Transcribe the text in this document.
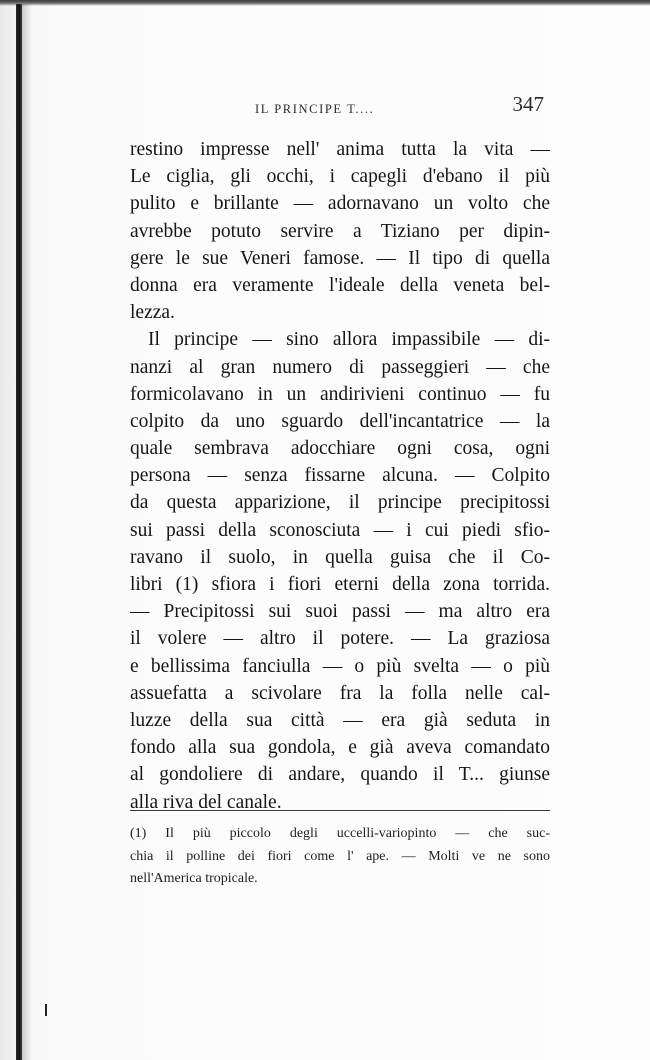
IL PRINCIPE T....	347
restino impresse nell' anima tutta la vita —
Le ciglia, gli occhi, i capegli d'ebano il più
pulito e brillante — adornavano un volto che
avrebbe potuto servire a Tiziano per dipin-
gere le sue Veneri famose. — Il tipo di quella
donna era veramente l'ideale della veneta bel-
lezza.
Il principe — sino allora impassibile — di-
nanzi al gran numero di passeggieri — che
formicolavano in un andirivieni continuo — fu
colpito da uno sguardo dell'incantatrice — la
quale sembrava adocchiare ogni cosa, ogni
persona — senza fissarne alcuna. — Colpito
da questa apparizione, il principe precipitossi
sui passi della sconosciuta — i cui piedi sfio-
ravano il suolo, in quella guisa che il Co-
libri (1) sfiora i fiori eterni della zona torrida.
— Precipitossi sui suoi passi — ma altro era
il volere — altro il potere. — La graziosa
e bellissima fanciulla — o più svelta — o più
assuefatta a scivolare fra la folla nelle cal-
luzze della sua città — era già seduta in
fondo alla sua gondola, e già aveva comandato
al gondoliere di andare, quando il T... giunse
alla riva del canale.
(1) Il più piccolo degli uccelli-variopinto — che suc-
chia il polline dei fiori come l' ape. — Molti ve ne sono
nell'America tropicale.
